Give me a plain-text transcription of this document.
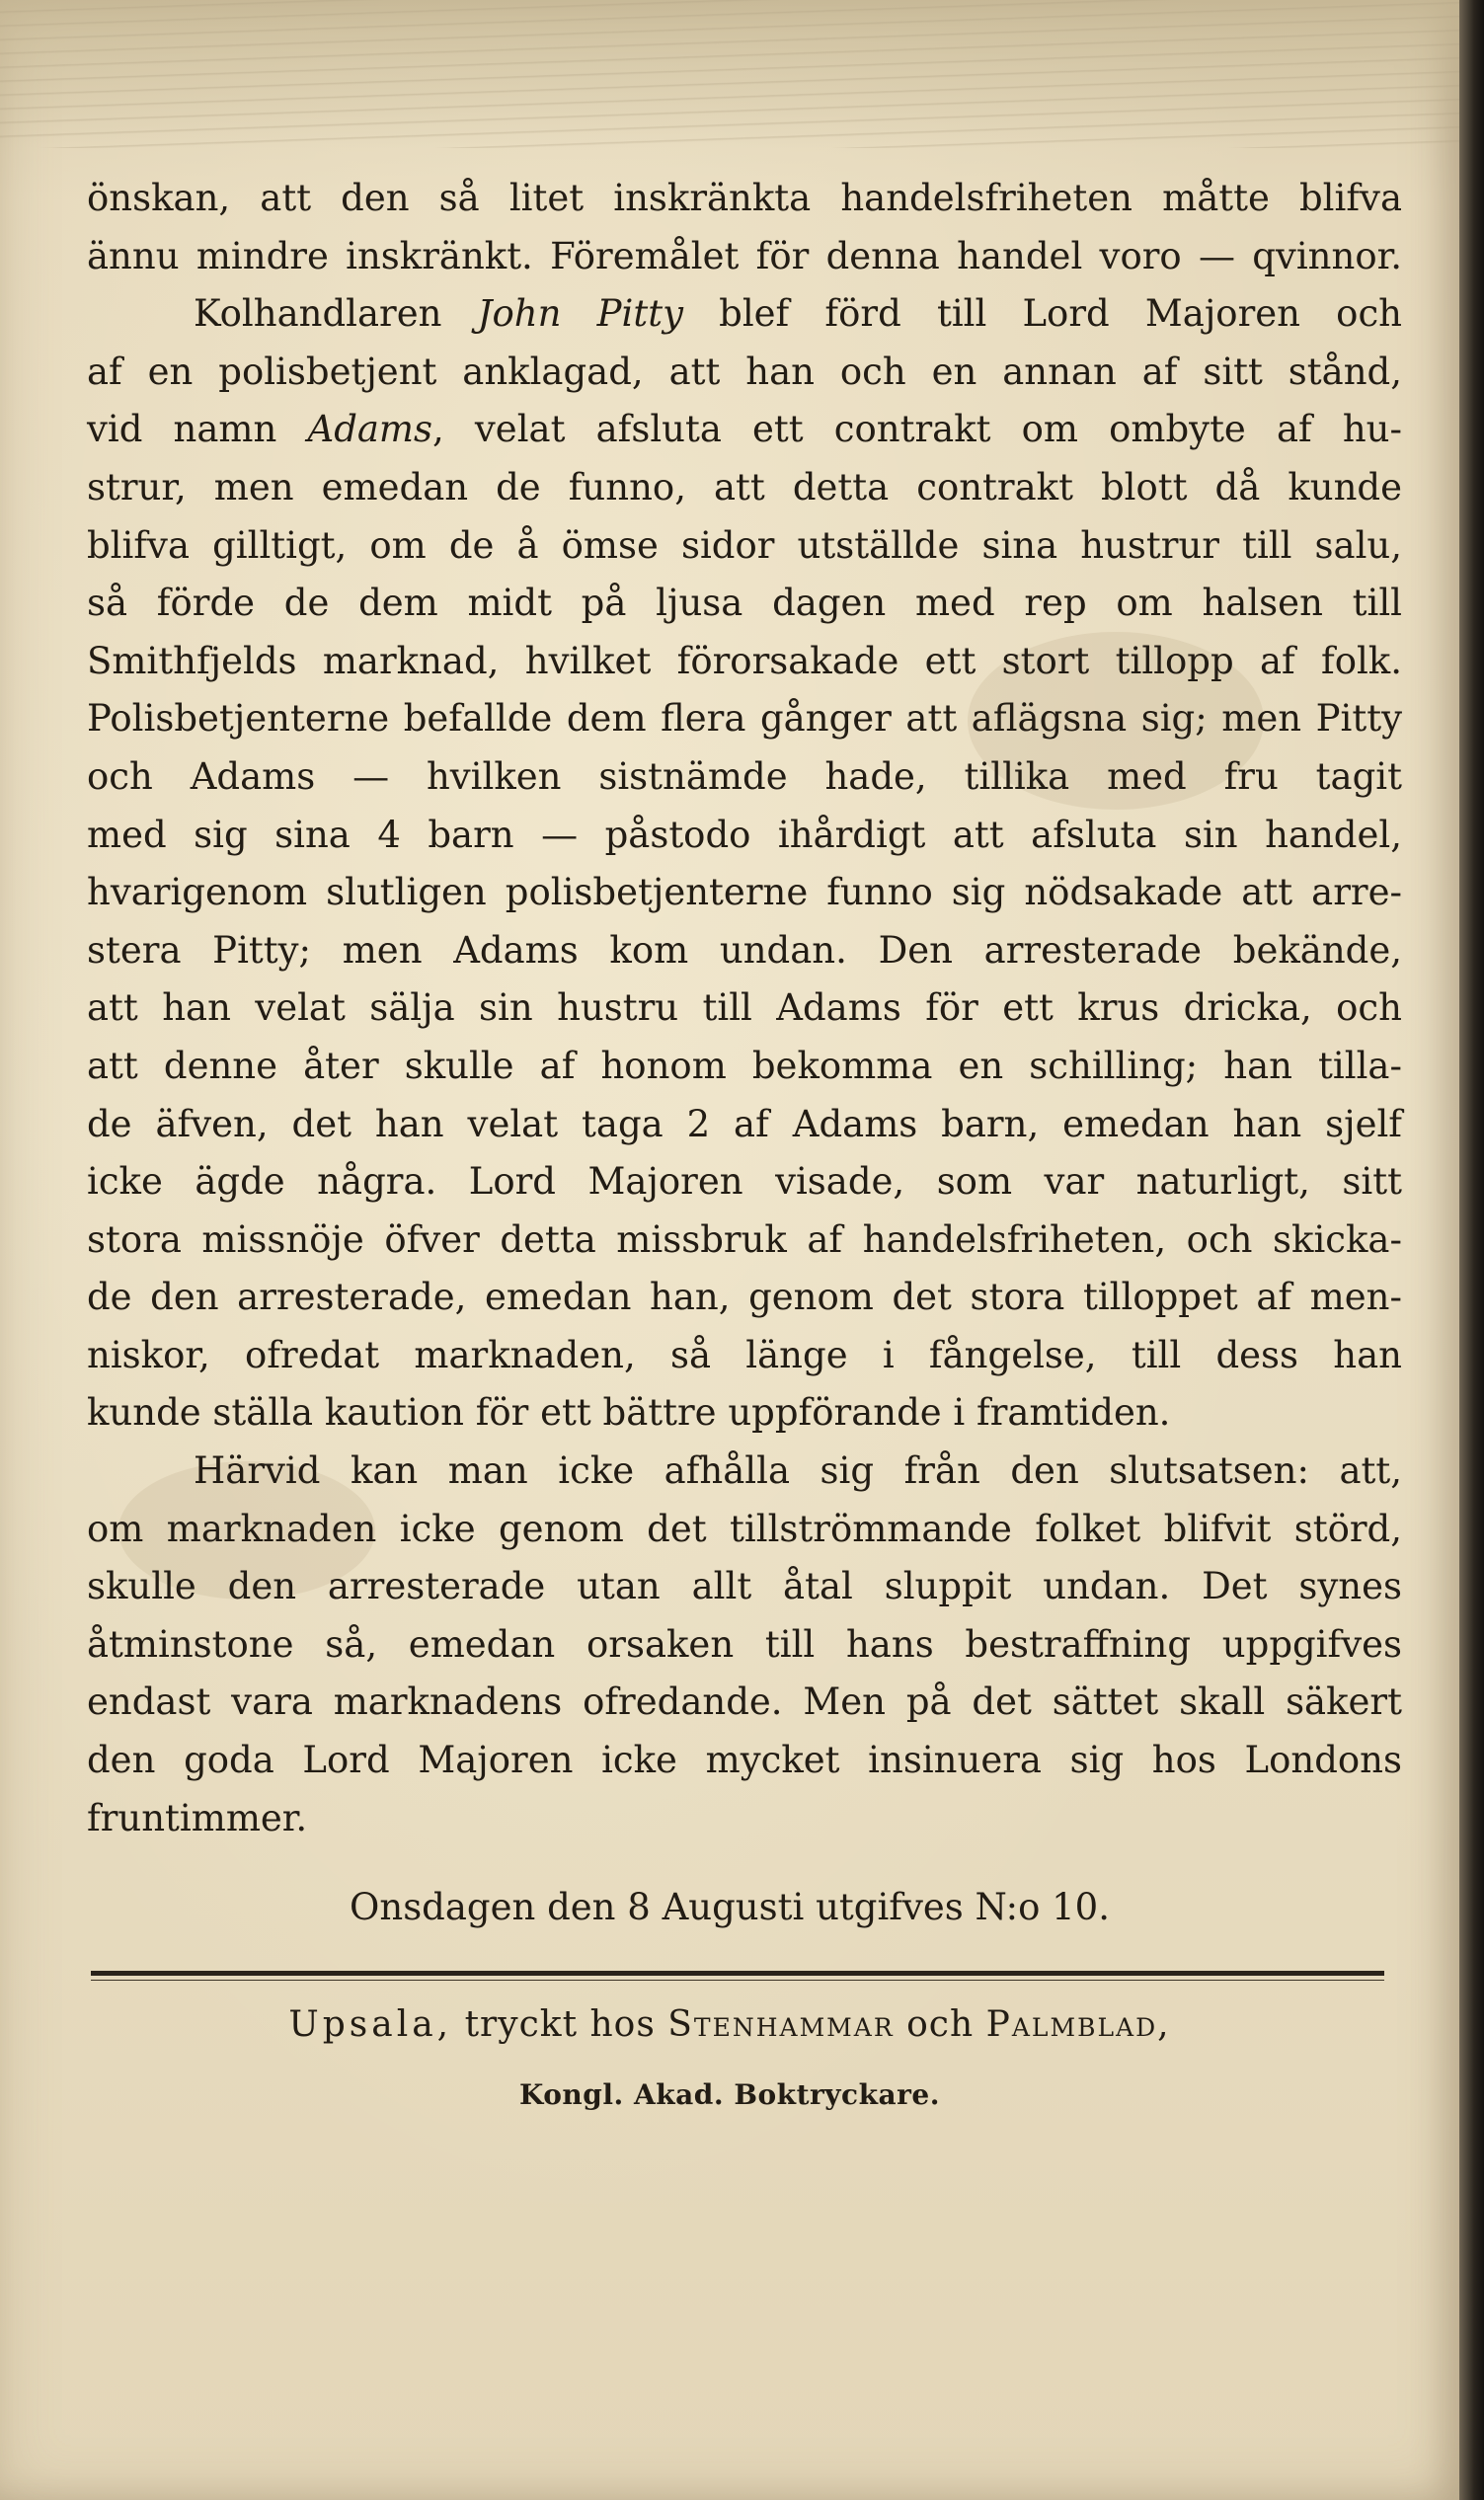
önskan, att den så litet inskränkta handelsfriheten måtte blifva
ännu mindre inskränkt. Föremålet för denna handel voro — qvinnor.
Kolhandlaren John Pitty blef förd till Lord Majoren och
af en polisbetjent anklagad, att han och en annan af sitt stånd,
vid namn Adams, velat afsluta ett contrakt om ombyte af hu-
strur, men emedan de funno, att detta contrakt blott då kunde
blifva gilltigt, om de å ömse sidor utställde sina hustrur till salu,
så förde de dem midt på ljusa dagen med rep om halsen till
Smithfjelds marknad, hvilket förorsakade ett stort tillopp af folk.
Polisbetjenterne befallde dem flera gånger att aflägsna sig; men Pitty
och Adams — hvilken sistnämde hade, tillika med fru tagit
med sig sina 4 barn — påstodo ihårdigt att afsluta sin handel,
hvarigenom slutligen polisbetjenterne funno sig nödsakade att arre-
stera Pitty; men Adams kom undan. Den arresterade bekände,
att han velat sälja sin hustru till Adams för ett krus dricka, och
att denne åter skulle af honom bekomma en schilling; han tilla-
de äfven, det han velat taga 2 af Adams barn, emedan han sjelf
icke ägde några. Lord Majoren visade, som var naturligt, sitt
stora missnöje öfver detta missbruk af handelsfriheten, och skicka-
de den arresterade, emedan han, genom det stora tilloppet af men-
niskor, ofredat marknaden, så länge i fångelse, till dess han
kunde ställa kaution för ett bättre uppförande i framtiden.
Härvid kan man icke afhålla sig från den slutsatsen: att,
om marknaden icke genom det tillströmmande folket blifvit störd,
skulle den arresterade utan allt åtal sluppit undan. Det synes
åtminstone så, emedan orsaken till hans bestraffning uppgifves
endast vara marknadens ofredande. Men på det sättet skall säkert
den goda Lord Majoren icke mycket insinuera sig hos Londons
fruntimmer.
Onsdagen den 8 Augusti utgifves N:o 10.
Upsala, tryckt hos Stenhammar och Palmblad,
Kongl. Akad. Boktryckare.
